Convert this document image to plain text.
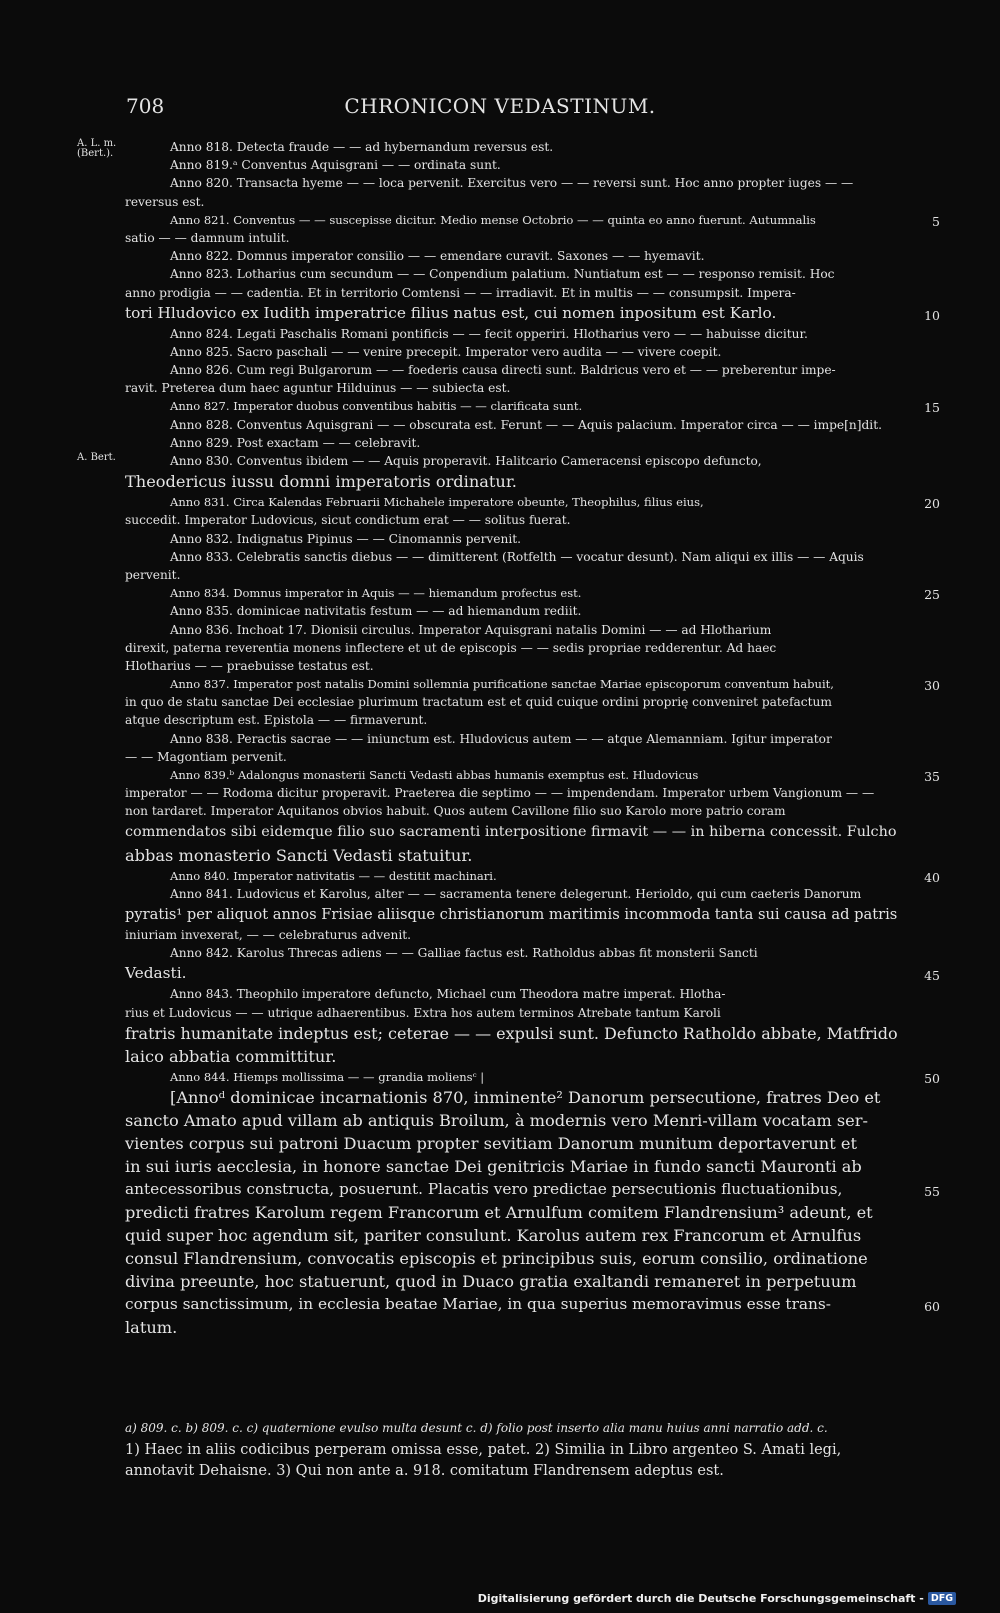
708	CHRONICON VEDASTINUM.
A. L. m. (Bert.).	Anno 818. Detecta fraude — — ad hybernandum reversus est.
Anno 819.ᵃ Conventus Aquisgrani — — ordinata sunt.
Anno 820. Transacta hyeme — — loca pervenit. Exercitus vero — — reversi sunt. Hoc anno propter iuges — —
reversus est.
Anno 821. Conventus — — suscepisse dicitur. Medio mense Octobrio — — quinta eo anno fuerunt. Autumnalis	5
satio — — damnum intulit.
Anno 822. Domnus imperator consilio — — emendare curavit. Saxones — — hyemavit.
Anno 823. Lotharius cum secundum — — Conpendium palatium. Nuntiatum est — — responso remisit. Hoc
anno prodigia — — cadentia. Et in territorio Comtensi — — irradiavit. Et in multis — — consumpsit. Impera-
tori Hludovico ex Iudith imperatrice filius natus est, cui nomen inpositum est Karlo.	10
Anno 824. Legati Paschalis Romani pontificis — — fecit opperiri. Hlotharius vero — — habuisse dicitur.
Anno 825. Sacro paschali — — venire precepit. Imperator vero audita — — vivere coepit.
Anno 826. Cum regi Bulgarorum — — foederis causa directi sunt. Baldricus vero et — — preberentur impe-
ravit. Preterea dum haec aguntur Hilduinus — — subiecta est.
Anno 827. Imperator duobus conventibus habitis — — clarificata sunt.	15
Anno 828. Conventus Aquisgrani — — obscurata est. Ferunt — — Aquis palacium. Imperator circa — — impe[n]dit.
Anno 829. Post exactam — — celebravit.
A. Bert.	Anno 830. Conventus ibidem — — Aquis properavit. Halitcario Cameracensi episcopo defuncto,
Theodericus iussu domni imperatoris ordinatur.
Anno 831. Circa Kalendas Februarii Michahele imperatore obeunte, Theophilus, filius eius,	20
succedit. Imperator Ludovicus, sicut condictum erat — — solitus fuerat.
Anno 832. Indignatus Pipinus — — Cinomannis pervenit.
Anno 833. Celebratis sanctis diebus — — dimitterent (Rotfelth — vocatur desunt). Nam aliqui ex illis — — Aquis
pervenit.
Anno 834. Domnus imperator in Aquis — — hiemandum profectus est.	25
Anno 835. dominicae nativitatis festum — — ad hiemandum rediit.
Anno 836. Inchoat 17. Dionisii circulus. Imperator Aquisgrani natalis Domini — — ad Hlotharium
direxit, paterna reverentia monens inflectere et ut de episcopis — — sedis propriae redderentur. Ad haec
Hlotharius — — praebuisse testatus est.
Anno 837. Imperator post natalis Domini sollemnia purificatione sanctae Mariae episcoporum conventum habuit,	30
in quo de statu sanctae Dei ecclesiae plurimum tractatum est et quid cuique ordini proprię conveniret patefactum
atque descriptum est. Epistola — — firmaverunt.
Anno 838. Peractis sacrae — — iniunctum est. Hludovicus autem — — atque Alemanniam. Igitur imperator
— — Magontiam pervenit.
Anno 839.ᵇ Adalongus monasterii Sancti Vedasti abbas humanis exemptus est. Hludovicus	35
imperator — — Rodoma dicitur properavit. Praeterea die septimo — — impendendam. Imperator urbem Vangionum — —
non tardaret. Imperator Aquitanos obvios habuit. Quos autem Cavillone filio suo Karolo more patrio coram
commendatos sibi eidemque filio suo sacramenti interpositione firmavit — — in hiberna concessit. Fulcho
abbas monasterio Sancti Vedasti statuitur.
Anno 840. Imperator nativitatis — — destitit machinari.	40
Anno 841. Ludovicus et Karolus, alter — — sacramenta tenere delegerunt. Herioldo, qui cum caeteris Danorum
pyratis¹ per aliquot annos Frisiae aliisque christianorum maritimis incommoda tanta sui causa ad patris
iniuriam invexerat, — — celebraturus advenit.
Anno 842. Karolus Threcas adiens — — Galliae factus est. Ratholdus abbas fit monsterii Sancti
Vedasti.	45
Anno 843. Theophilo imperatore defuncto, Michael cum Theodora matre imperat. Hlotha-
rius et Ludovicus — — utrique adhaerentibus. Extra hos autem terminos Atrebate tantum Karoli
fratris humanitate indeptus est; ceterae — — expulsi sunt. Defuncto Ratholdo abbate, Matfrido
laico abbatia committitur.
Anno 844. Hiemps mollissima — — grandia moliensᶜ |	50
[Annoᵈ dominicae incarnationis 870, inminente² Danorum persecutione, fratres Deo et
sancto Amato apud villam ab antiquis Broilum, à modernis vero Menri-villam vocatam ser-
vientes corpus sui patroni Duacum propter sevitiam Danorum munitum deportaverunt et
in sui iuris aecclesia, in honore sanctae Dei genitricis Mariae in fundo sancti Mauronti ab
antecessoribus constructa, posuerunt. Placatis vero predictae persecutionis fluctuationibus,	55
predicti fratres Karolum regem Francorum et Arnulfum comitem Flandrensium³ adeunt, et
quid super hoc agendum sit, pariter consulunt. Karolus autem rex Francorum et Arnulfus
consul Flandrensium, convocatis episcopis et principibus suis, eorum consilio, ordinatione
divina preeunte, hoc statuerunt, quod in Duaco gratia exaltandi remaneret in perpetuum
corpus sanctissimum, in ecclesia beatae Mariae, in qua superius memoravimus esse trans-	60
latum.
a) 809. c. b) 809. c. c) quaternione evulso multa desunt c. d) folio post inserto alia manu huius anni narratio add. c.
1) Haec in aliis codicibus perperam omissa esse, patet. 2) Similia in Libro argenteo S. Amati legi,
annotavit Dehaisne. 3) Qui non ante a. 918. comitatum Flandrensem adeptus est.
Digitalisierung gefördert durch die Deutsche Forschungsgemeinschaft - DFG
